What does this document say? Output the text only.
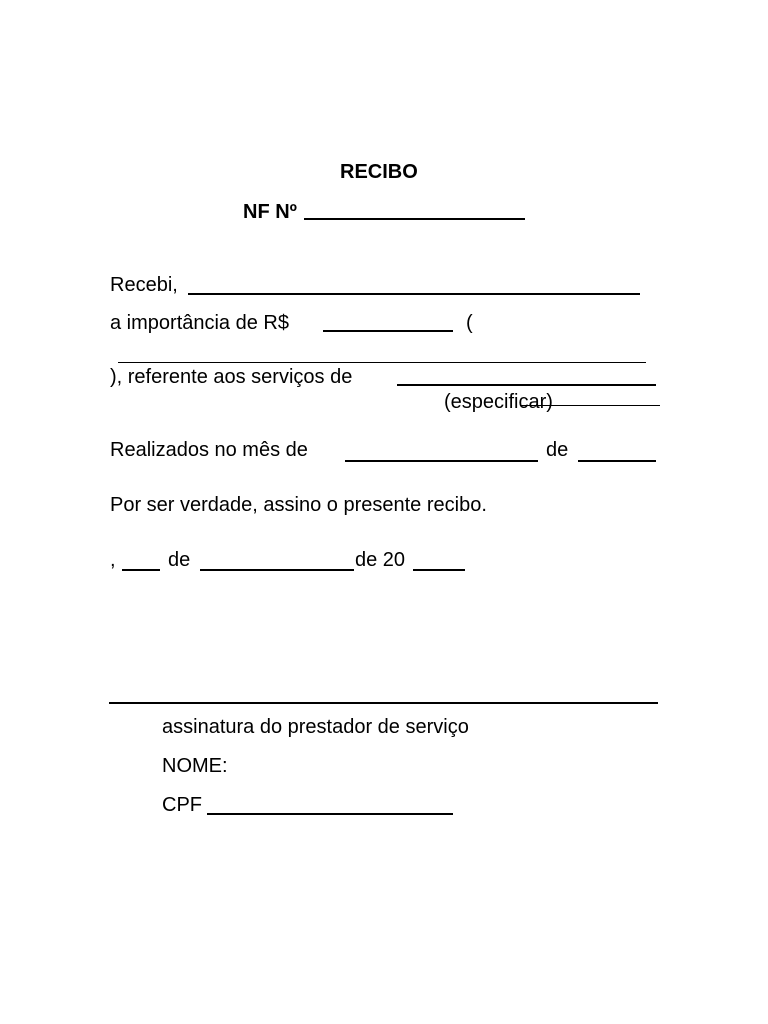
RECIBO
NF Nº
Recebi,
a importância de R$	(
), referente aos serviços de
(especificar)
Realizados no mês de	de
Por ser verdade, assino o presente recibo.
,	de	de 20
assinatura do prestador de serviço
NOME:
CPF
